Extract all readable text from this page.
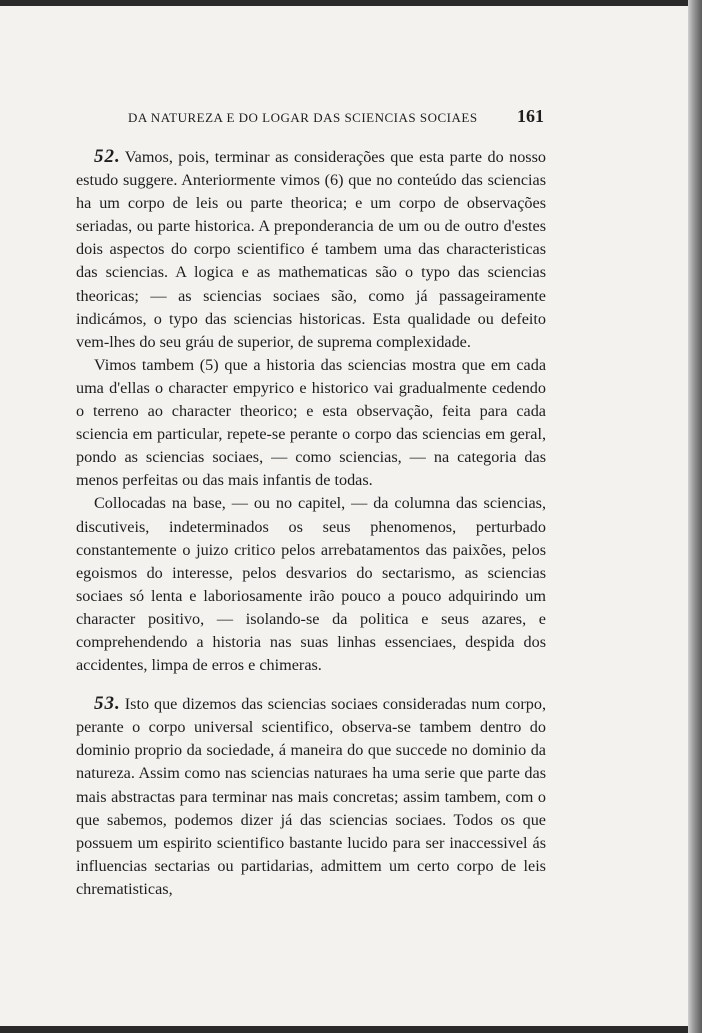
DA NATUREZA E DO LOGAR DAS SCIENCIAS SOCIAES 161

52. Vamos, pois, terminar as considerações que esta parte do nosso estudo suggere. Anteriormente vimos (6) que no conteúdo das sciencias ha um corpo de leis ou parte theorica; e um corpo de observações seriadas, ou parte historica. A preponderancia de um ou de outro d'estes dois aspectos do corpo scientifico é tambem uma das characteristicas das sciencias. A logica e as mathematicas são o typo das sciencias theoricas; — as sciencias sociaes são, como já passageiramente indicámos, o typo das sciencias historicas. Esta qualidade ou defeito vem-lhes do seu gráu de superior, de suprema complexidade.

Vimos tambem (5) que a historia das sciencias mostra que em cada uma d'ellas o character empyrico e historico vai gradualmente cedendo o terreno ao character theorico; e esta observação, feita para cada sciencia em particular, repete-se perante o corpo das sciencias em geral, pondo as sciencias sociaes, — como sciencias, — na categoria das menos perfeitas ou das mais infantis de todas.

Collocadas na base, — ou no capitel, — da columna das sciencias, discutiveis, indeterminados os seus phenomenos, perturbado constantemente o juizo critico pelos arrebatamentos das paixões, pelos egoismos do interesse, pelos desvarios do sectarismo, as sciencias sociaes só lenta e laboriosamente irão pouco a pouco adquirindo um character positivo, — isolando-se da politica e seus azares, e comprehendendo a historia nas suas linhas essenciaes, despida dos accidentes, limpa de erros e chimeras.

53. Isto que dizemos das sciencias sociaes consideradas num corpo, perante o corpo universal scientifico, observa-se tambem dentro do dominio proprio da sociedade, á maneira do que succede no dominio da natureza. Assim como nas sciencias naturaes ha uma serie que parte das mais abstractas para terminar nas mais concretas; assim tambem, com o que sabemos, podemos dizer já das sciencias sociaes. Todos os que possuem um espirito scientifico bastante lucido para ser inaccessivel ás influencias sectarias ou partidarias, admittem um certo corpo de leis chrematisticas,
